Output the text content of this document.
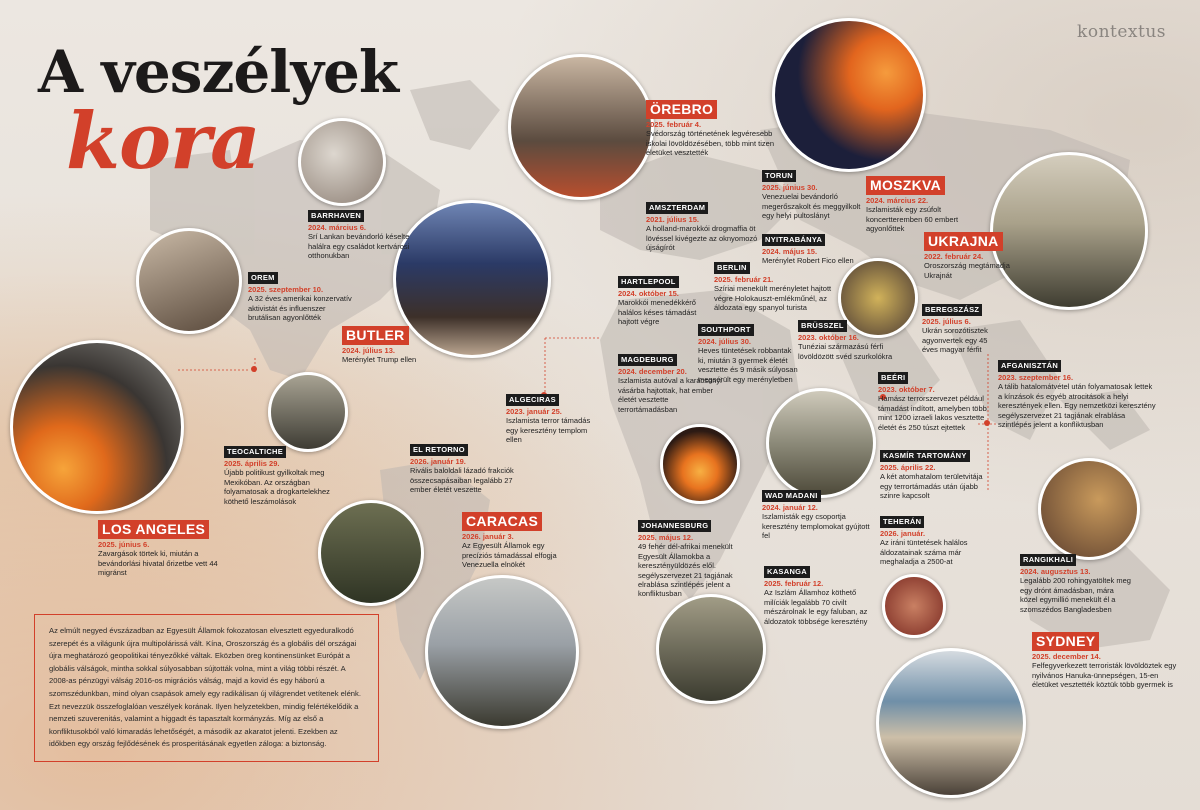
kontextus
A veszélyek
kora
BARRHAVEN
2024. március 6.
Srí Lankan bevándorló késelte halálra egy családot kertvárosi otthonukban
OREM
2025. szeptember 10.
A 32 éves amerikai konzervatív aktivistát és influenszer brutálisan agyonlőtték
BUTLER
2024. július 13.
Merénylet Trump ellen
LOS ANGELES
2025. június 6.
Zavargások törtek ki, miután a bevándorlási hivatal őrizetbe vett 44 migránst
TEOCALTICHE
2025. április 29.
Újabb politikust gyilkoltak meg Mexikóban. Az országban folyamatosak a drogkartelekhez köthető leszámolások
EL RETORNO
2026. január 19.
Rivális baloldali lázadó frakciók összecsapásaiban legalább 27 ember életét veszette
CARACAS
2026. január 3.
Az Egyesült Államok egy precíziós támadással elfogja Venezuella elnökét
ÖREBRO
2025. február 4.
Svédország történetének legvéresebb iskolai lövöldözésében, több mint tizen életüket vesztették
AMSZTERDAM
2021. július 15.
A holland-marokkói drogmaffia öt lövéssel kivégezte az oknyomozó újságírót
HARTLEPOOL
2024. október 15.
Marokkói menedékkérő halálos késes támadást hajtott végre
ALGECIRAS
2023. január 25.
Iszlamista terror támadás egy keresztény templom ellen
MAGDEBURG
2024. december 20.
Iszlamista autóval a karácsonyi vásárba hajtottak, hat ember életét vesztette terrortámadásban
TORUN
2025. június 30.
Venezuelai bevándorló megerőszakolt és meggyilkolt egy helyi pultoslányt
NYITRABÁNYA
2024. május 15.
Merénylet Robert Fico ellen
BERLIN
2025. február 21.
Szíriai menekült merényletet hajtott végre Holokauszt-emlékműnél, az áldozata egy spanyol turista
SOUTHPORT
2024. július 30.
Heves tüntetések robbantak ki, miután 3 gyermek életét vesztette és 9 másik súlyosan megsérült egy merényletben
BRÜSSZEL
2023. október 16.
Tunéziai származású férfi lövöldözött svéd szurkolókra
MOSZKVA
2024. március 22.
Iszlamisták egy zsúfolt koncertteremben 60 embert agyonlőttek
UKRAJNA
2022. február 24.
Oroszország megtámadja Ukrajnát
BEREGSZÁSZ
2025. július 6.
Ukrán sorozótisztek agyonvertek egy 45 éves magyar férfit
BEÉRI
2023. október 7.
Hamász terrorszervezet például támadást indított, amelyben több mint 1200 izraeli lakos vesztette életét és 250 túszt ejtettek
AFGANISZTÁN
2023. szeptember 16.
A tálib hatalomátvétel után folyamatosak lettek a kínzások és egyéb atrocitások a helyi keresztények ellen. Egy nemzetközi keresztény segélyszervezet 21 tagjának elrablása szintlépés jelent a konfliktusban
KASMÍR TARTOMÁNY
2025. április 22.
A két atomhatalom területvitája egy terrortámadás után újabb szinre kapcsolt
WAD MADANI
2024. január 12.
Iszlamisták egy csoportja keresztény templomokat gyújtott fel
TEHERÁN
2026. január.
Az iráni tüntetések halálos áldozatainak száma már meghaladja a 2500-at
JOHANNESBURG
2025. május 12.
49 fehér dél-afrikai menekült Egyesült Államokba a keresztényüldözés elől. segélyszervezet 21 tagjának elrablása szintlépés jelent a konfliktusban
KASANGA
2025. február 12.
Az Iszlám Államhoz köthető milíciák legalább 70 civilt mészárolnak le egy faluban, az áldozatok többsége keresztény
RANGIKHALI
2024. augusztus 13.
Legalább 200 rohingyatöltek meg egy drónt ámadásban, mára közel egymillió menekült él a szomszédos Bangladesben
SYDNEY
2025. december 14.
Felfegyverkezett terroristák lövöldöztek egy nyilvános Hanuka-ünnepségen, 15-en életüket vesztették köztük több gyermek is
Az elmúlt negyed évszázadban az Egyesült Államok fokozatosan elvesztett egyeduralkodó szerepét és a világunk újra multipolárissá vált. Kína, Oroszország és a globális dél országai újra meghatározó geopolitikai tényezőkké váltak. Eközben öreg kontinensünket Európát a globális válságok, mintha sokkal súlyosabban sújtották volna, mint a világ többi részét. A 2008-as pénzügyi válság 2016-os migrációs válság, majd a kovid és egy háború a szomszédunkban, mind olyan csapások amely egy radikálisan új világrendet vetítenek elénk. Ezt nevezzük összefoglalóan veszélyek korának. Ilyen helyzetekben, mindig felértékelődik a nemzeti szuverenitás, valamint a higgadt és tapasztalt kormányzás. Míg az első a konfliktusokból való kimaradás lehetőségét, a második az akaratot jelenti. Ezekben az időkben egy ország fejlődésének és prosperitásának egyetlen záloga: a biztonság.
